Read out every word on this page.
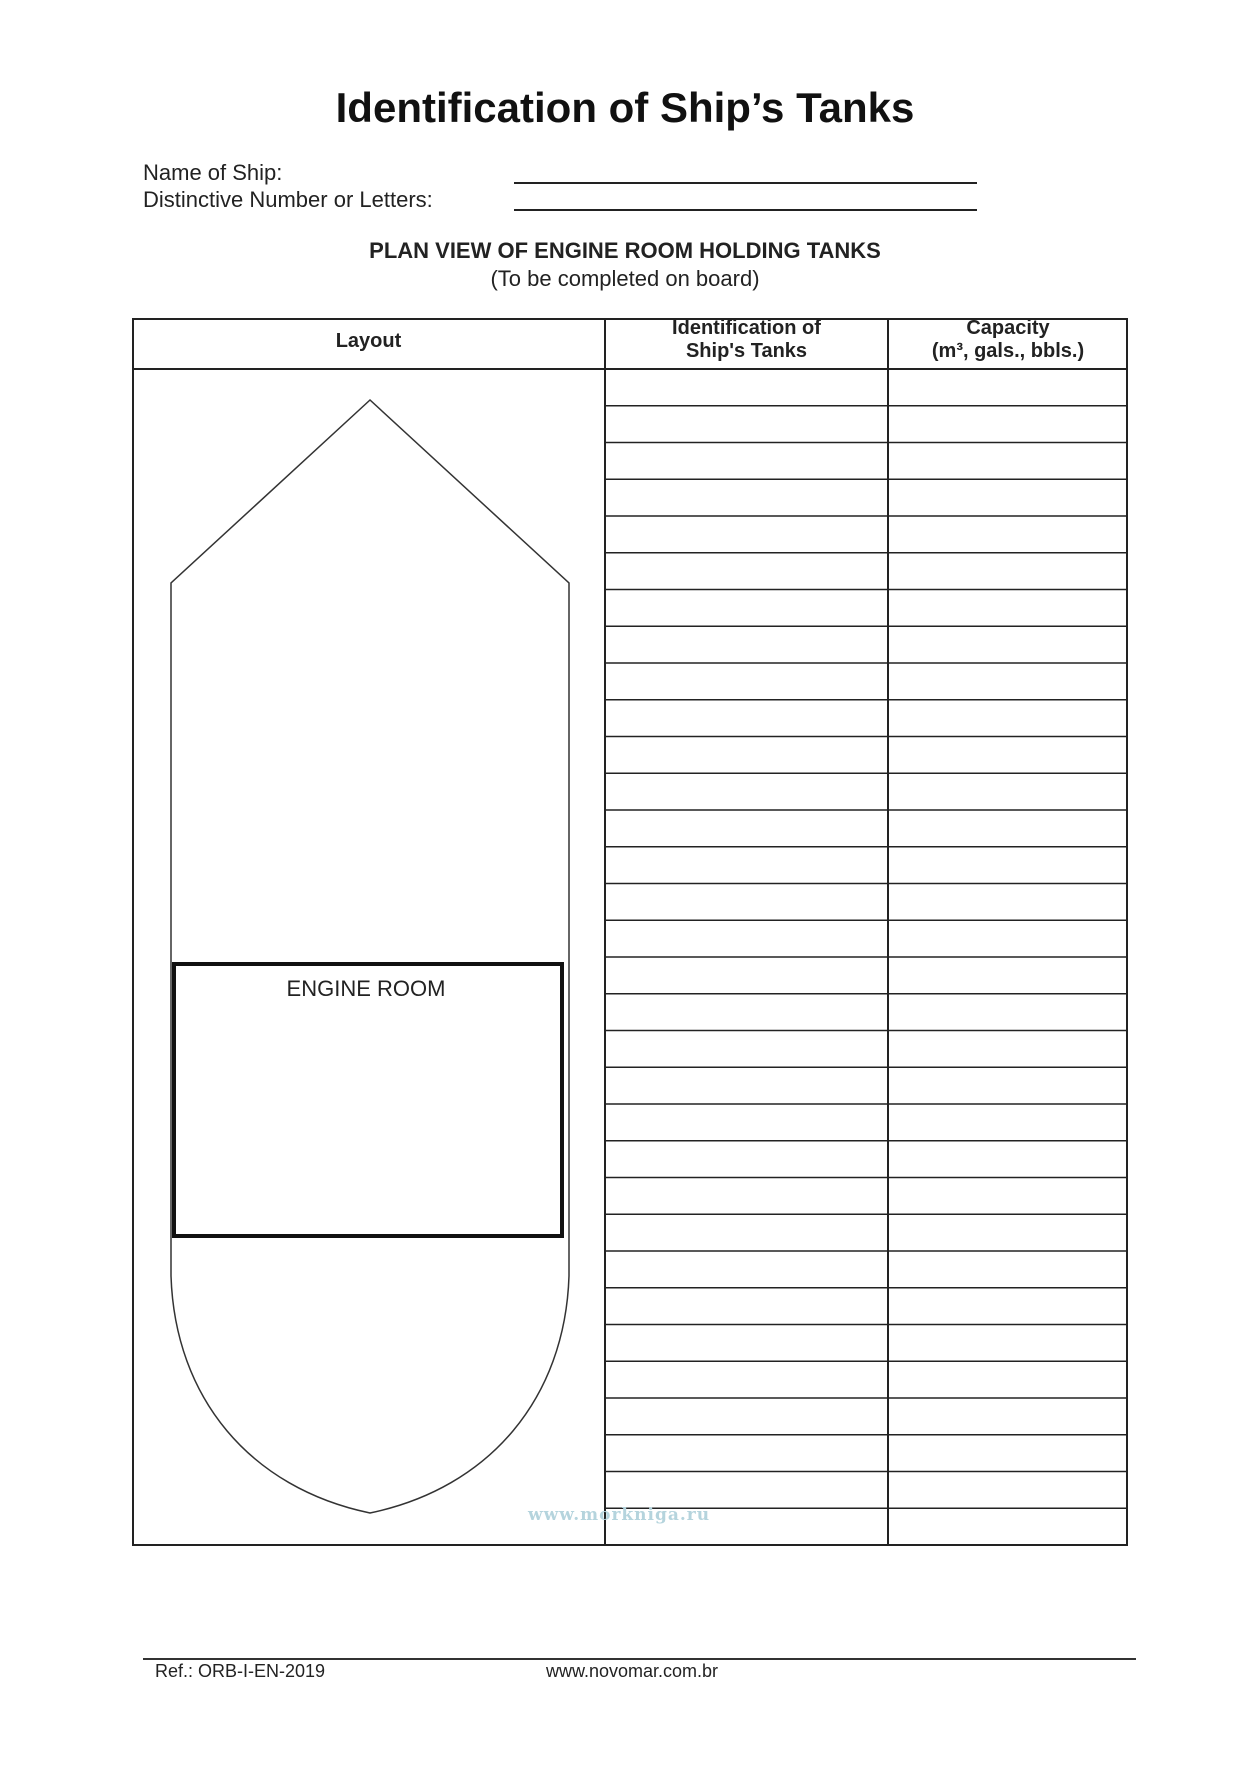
Identification of Ship’s Tanks
Name of Ship:
Distinctive Number or Letters:
PLAN VIEW OF ENGINE ROOM HOLDING TANKS
(To be completed on board)
Layout
Identification of
Ship's Tanks
Capacity
(m³, gals., bbls.)
ENGINE ROOM
www.morkniga.ru
Ref.: ORB-I-EN-2019	www.novomar.com.br
